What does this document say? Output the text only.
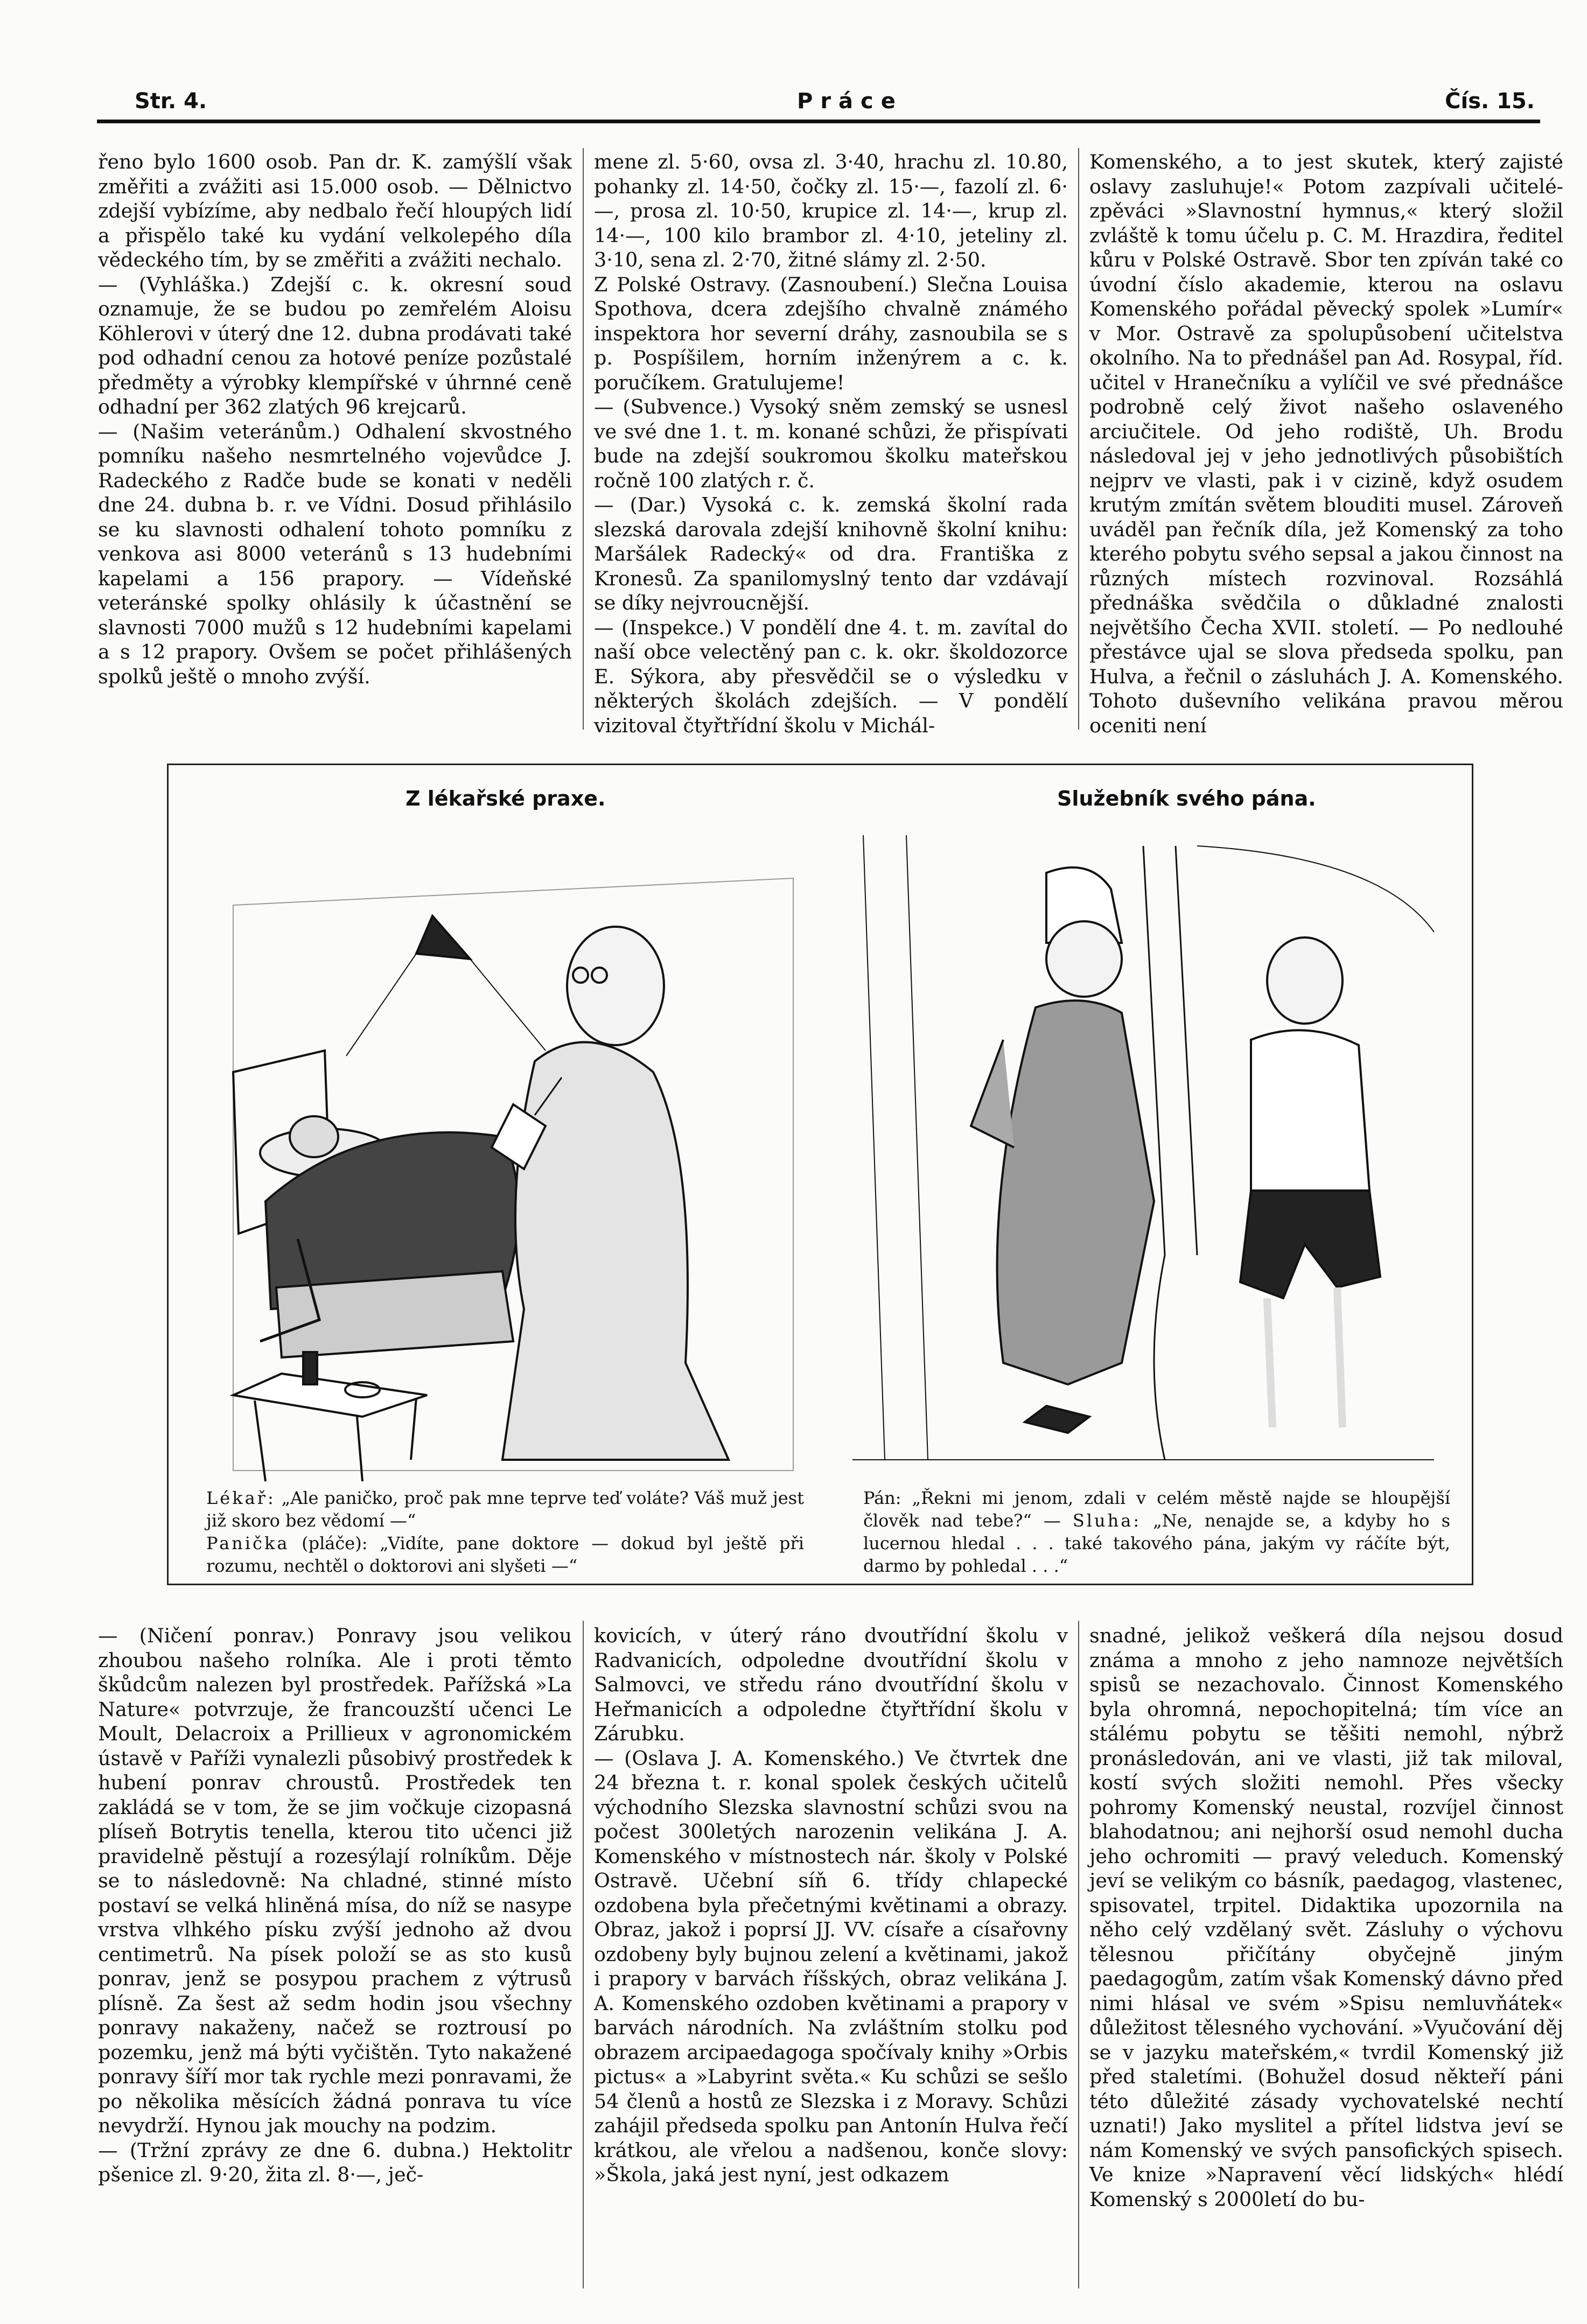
Str. 4.	Práce	Čís. 15.

řeno bylo 1600 osob. Pan dr. K. zamýšlí však změřiti a zvážiti asi 15.000 osob. — Dělnictvo zdejší vybízíme, aby nedbalo řečí hloupých lidí a přispělo také ku vydání velkolepého díla vědeckého tím, by se změřiti a zvážiti nechalo.

— (Vyhláška.) Zdejší c. k. okresní soud oznamuje, že se budou po zemřelém Aloisu Köhlerovi v úterý dne 12. dubna prodávati také pod odhadní cenou za hotové peníze pozůstalé předměty a výrobky klempířské v úhrnné ceně odhadní per 362 zlatých 96 krejcarů.

— (Našim veteránům.) Odhalení skvostného pomníku našeho nesmrtelného vojevůdce J. Radeckého z Radče bude se konati v neděli dne 24. dubna b. r. ve Vídni. Dosud přihlásilo se ku slavnosti odhalení tohoto pomníku z venkova asi 8000 veteránů s 13 hudebními kapelami a 156 prapory. — Vídeňské veteránské spolky ohlásily k účastnění se slavnosti 7000 mužů s 12 hudebními kapelami a s 12 prapory. Ovšem se počet přihlášených spolků ještě o mnoho zvýší.

mene zl. 5·60, ovsa zl. 3·40, hrachu zl. 10.80, pohanky zl. 14·50, čočky zl. 15·—, fazolí zl. 6·—, prosa zl. 10·50, krupice zl. 14·—, krup zl. 14·—, 100 kilo brambor zl. 4·10, jeteliny zl. 3·10, sena zl. 2·70, žitné slámy zl. 2·50.

Z Polské Ostravy. (Zasnoubení.) Slečna Louisa Spothova, dcera zdejšího chvalně známého inspektora hor severní dráhy, zasnoubila se s p. Pospíšilem, horním inženýrem a c. k. poručíkem. Gratulujeme!

— (Subvence.) Vysoký sněm zemský se usnesl ve své dne 1. t. m. konané schůzi, že přispívati bude na zdejší soukromou školku mateřskou ročně 100 zlatých r. č.

— (Dar.) Vysoká c. k. zemská školní rada slezská darovala zdejší knihovně školní knihu: Maršálek Radecký« od dra. Františka z Kronesů. Za spanilomyslný tento dar vzdávají se díky nejvroucnější.

— (Inspekce.) V pondělí dne 4. t. m. zavítal do naší obce velectěný pan c. k. okr. školdozorce E. Sýkora, aby přesvědčil se o výsledku v některých školách zdejších. — V pondělí vizitoval čtyřtřídní školu v Michál-

Komenského, a to jest skutek, který zajisté oslavy zasluhuje!« Potom zazpívali učitelé-zpěváci »Slavnostní hymnus,« který složil zvláště k tomu účelu p. C. M. Hrazdira, ředitel kůru v Polské Ostravě. Sbor ten zpíván také co úvodní číslo akademie, kterou na oslavu Komenského pořádal pěvecký spolek »Lumír« v Mor. Ostravě za spolupůsobení učitelstva okolního. Na to přednášel pan Ad. Rosypal, říd. učitel v Hranečníku a vylíčil ve své přednášce podrobně celý život našeho oslaveného arciučitele. Od jeho rodiště, Uh. Brodu následoval jej v jeho jednotlivých působištích nejprv ve vlasti, pak i v cizině, když osudem krutým zmítán světem blouditi musel. Zároveň uváděl pan řečník díla, jež Komenský za toho kterého pobytu svého sepsal a jakou činnost na různých místech rozvinoval. Rozsáhlá přednáška svědčila o důkladné znalosti největšího Čecha XVII. století. — Po nedlouhé přestávce ujal se slova předseda spolku, pan Hulva, a řečnil o zásluhách J. A. Komenského. Tohoto duševního velikána pravou měrou oceniti není

Z lékařské praxe.	Služebník svého pána.
Lékař: „Ale paničko, proč pak mne teprve teď voláte? Váš muž jest již skoro bez vědomí —“
Panička (pláče): „Vidíte, pane doktore — dokud byl ještě při rozumu, nechtěl o doktorovi ani slyšeti —“
Pán: „Řekni mi jenom, zdali v celém městě najde se hloupější člověk nad tebe?“ — Sluha: „Ne, nenajde se, a kdyby ho s lucernou hledal . . . také takového pána, jakým vy ráčíte být, darmo by pohledal . . .“

— (Ničení ponrav.) Ponravy jsou velikou zhoubou našeho rolníka. Ale i proti těmto škůdcům nalezen byl prostředek. Pařížská »La Nature« potvrzuje, že francouzští učenci Le Moult, Delacroix a Prillieux v agronomickém ústavě v Paříži vynalezli působivý prostředek k hubení ponrav chroustů. Prostředek ten zakládá se v tom, že se jim vočkuje cizopasná plíseň Botrytis tenella, kterou tito učenci již pravidelně pěstují a rozesýlají rolníkům. Děje se to následovně: Na chladné, stinné místo postaví se velká hliněná mísa, do níž se nasype vrstva vlhkého písku zvýší jednoho až dvou centimetrů. Na písek položí se as sto kusů ponrav, jenž se posypou prachem z výtrusů plísně. Za šest až sedm hodin jsou všechny ponravy nakaženy, načež se roztrousí po pozemku, jenž má býti vyčištěn. Tyto nakažené ponravy šíří mor tak rychle mezi ponravami, že po několika měsících žádná ponrava tu více nevydrží. Hynou jak mouchy na podzim.

— (Tržní zprávy ze dne 6. dubna.) Hektolitr pšenice zl. 9·20, žita zl. 8·—, ječ-

kovicích, v úterý ráno dvoutřídní školu v Radvanicích, odpoledne dvoutřídní školu v Salmovci, ve středu ráno dvoutřídní školu v Heřmanicích a odpoledne čtyřtřídní školu v Zárubku.

— (Oslava J. A. Komenského.) Ve čtvrtek dne 24 března t. r. konal spolek českých učitelů východního Slezska slavnostní schůzi svou na počest 300letých narozenin velikána J. A. Komenského v místnostech nár. školy v Polské Ostravě. Učební síň 6. třídy chlapecké ozdobena byla přečetnými květinami a obrazy. Obraz, jakož i poprsí JJ. VV. císaře a císařovny ozdobeny byly bujnou zelení a květinami, jakož i prapory v barvách říšských, obraz velikána J. A. Komenského ozdoben květinami a prapory v barvách národních. Na zvláštním stolku pod obrazem arcipaedagoga spočívaly knihy »Orbis pictus« a »Labyrint světa.« Ku schůzi se sešlo 54 členů a hostů ze Slezska i z Moravy. Schůzi zahájil předseda spolku pan Antonín Hulva řečí krátkou, ale vřelou a nadšenou, konče slovy: »Škola, jaká jest nyní, jest odkazem

snadné, jelikož veškerá díla nejsou dosud známa a mnoho z jeho namnoze největších spisů se nezachovalo. Činnost Komenského byla ohromná, nepochopitelná; tím více an stálému pobytu se těšiti nemohl, nýbrž pronásledován, ani ve vlasti, již tak miloval, kostí svých složiti nemohl. Přes všecky pohromy Komenský neustal, rozvíjel činnost blahodatnou; ani nejhorší osud nemohl ducha jeho ochromiti — pravý veleduch. Komenský jeví se velikým co básník, paedagog, vlastenec, spisovatel, trpitel. Didaktika upozornila na něho celý vzdělaný svět. Zásluhy o výchovu tělesnou přičítány obyčejně jiným paedagogům, zatím však Komenský dávno před nimi hlásal ve svém »Spisu nemluvňátek« důležitost tělesného vychování. »Vyučování děj se v jazyku mateřském,« tvrdil Komenský již před staletími. (Bohužel dosud někteří páni této důležité zásady vychovatelské nechtí uznati!) Jako myslitel a přítel lidstva jeví se nám Komenský ve svých pansofických spisech. Ve knize »Napravení věcí lidských« hlédí Komenský s 2000letí do bu-
